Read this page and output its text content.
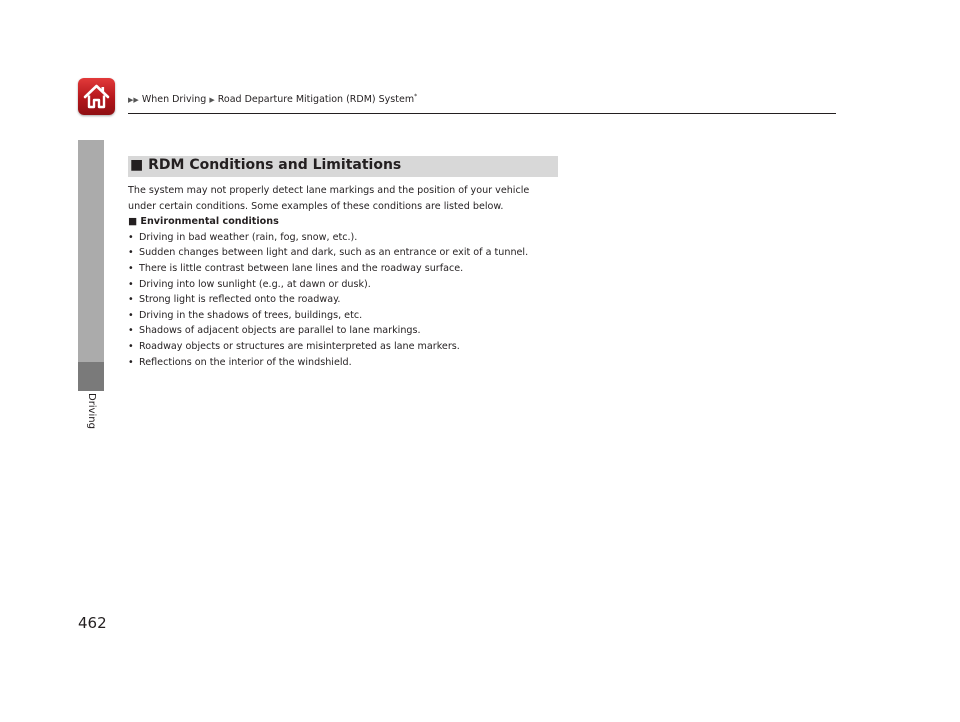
▶▶ When Driving ▶ Road Departure Mitigation (RDM) System*
Driving
■ RDM Conditions and Limitations

The system may not properly detect lane markings and the position of your vehicle

under certain conditions. Some examples of these conditions are listed below.

■ Environmental conditions

• Driving in bad weather (rain, fog, snow, etc.).
• Sudden changes between light and dark, such as an entrance or exit of a tunnel.
• There is little contrast between lane lines and the roadway surface.
• Driving into low sunlight (e.g., at dawn or dusk).
• Strong light is reflected onto the roadway.
• Driving in the shadows of trees, buildings, etc.
• Shadows of adjacent objects are parallel to lane markings.
• Roadway objects or structures are misinterpreted as lane markers.
• Reflections on the interior of the windshield.
462
